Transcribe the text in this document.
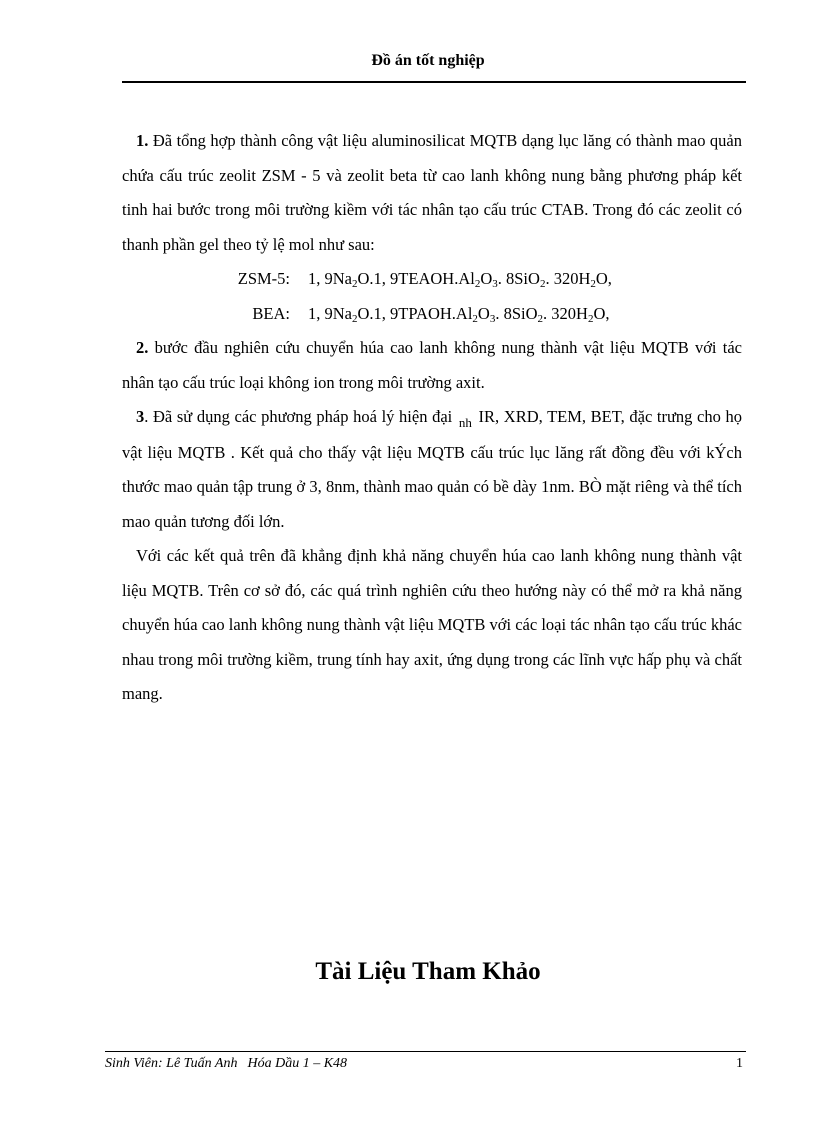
Đồ án tốt nghiệp

1. Đã tổng hợp thành công vật liệu aluminosilicat MQTB dạng lục lăng có thành mao quản chứa cấu trúc zeolit ZSM - 5 và zeolit beta từ cao lanh không nung bằng phương pháp kết tinh hai bước trong môi trường kiềm với tác nhân tạo cấu trúc CTAB. Trong đó các zeolit có thanh phần gel theo tỷ lệ mol như sau:

ZSM-5: 1, $9Na_2O.1$, $9TEAOH.Al_2O_3$. 8SiO$_2$. $320H_2O$,

BEA: 1, $9Na_2O.1$, $9TPAOH.Al_2O_3$. 8SiO$_2$. $320H_2O$,

2. bước đầu nghiên cứu chuyển húa cao lanh không nung thành vật liệu MQTB với tác nhân tạo cấu trúc loại không ion trong môi trường axit.

3. Đã sử dụng các phương pháp hoá lý hiện đại $_{nh}$ IR, XRD, TEM, BET, đặc trưng cho họ vật liệu MQTB . Kết quả cho thấy vật liệu MQTB cấu trúc lục lăng rất đồng đều với kÝch thước mao quản tập trung ở 3, 8nm, thành mao quản có bề dày 1nm. BÒ mặt riêng và thể tích mao quản tương đối lớn.

Với các kết quả trên đã khẳng định khả năng chuyển húa cao lanh không nung thành vật liệu MQTB. Trên cơ sở đó, các quá trình nghiên cứu theo hướng này có thể mở ra khả năng chuyển húa cao lanh không nung thành vật liệu MQTB với các loại tác nhân tạo cấu trúc khác nhau trong môi trường kiềm, trung tính hay axit, ứng dụng trong các lĩnh vực hấp phụ và chất mang.

Tài Liệu Tham Khảo
Sinh Viên: Lê Tuấn Anh Hóa Dầu 1 – K48	1
